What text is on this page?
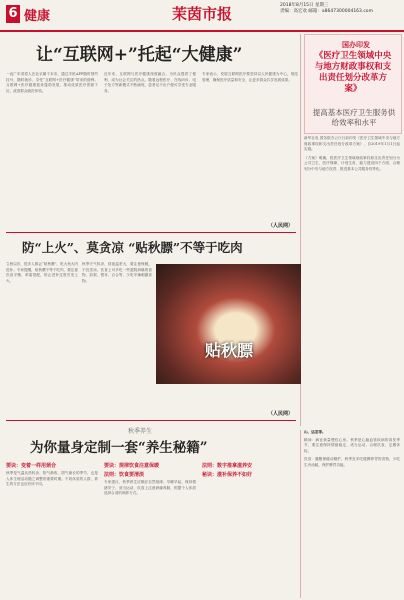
6 健康	茉茵市报	2018年8月15日 星期三
责编：高宏欢 邮箱：a8647300004163.com
让“互联网+”托起“大健康”

一直广东省将人在北京属于本市，通过手机APP随时预约挂号，随时就诊，享受“互联网+医疗健康”带来的便利。互联网+医疗健康迎来蓬勃发展，推动优质医疗资源下沉，改善群众就医体验。

近年来，互联网与医疗健康深度融合，为民众提供了便利，成为社会关注的热点。随着远程医疗、在线问诊、电子处方等新模式不断涌现，患者足不出户便可享受专业服务。

专家表示，发展互联网医疗要坚持以人民健康为中心，规范管理，确保医疗质量和安全，让更多群众共享发展成果。

（人民网）
国办印发
《医疗卫生领域中央与地方财政事权和支出责任划分改革方案》
提高基本医疗卫生服务供给效率和水平

新华社电 国务院办公厅日前印发《医疗卫生领域中央与地方财政事权和支出责任划分改革方案》，自2019年1月1日起实施。

《方案》明确，将医疗卫生领域财政事权和支出责任划分为公共卫生、医疗保障、计划生育、能力建设四个方面，合理划分中央与地方权责，推进基本公共服务均等化。

防“上火”、莫贪凉 “贴秋膘”不等于吃肉

立秋以后，很多人都会“贴秋膘”，吃大鱼大肉进补。专家提醒，贴秋膘不等于吃肉，要注意饮食平衡，荤素搭配，防止进补过度引发上火。

秋季天气转凉，昼夜温差大，要注意保暖，不宜贪凉。饮食上可多吃一些滋阴润燥的食物，如梨、银耳、百合等，少吃辛辣刺激食物。

贴秋膘
（人民网）
秋季养生
为你量身定制一套“养生秘籍”
要诀：变着一样用颈合

秋季是气温从热转凉、阳气渐收、阴气渐长的季节，也是人体生理活动随之调整的重要时期。不同体质的人群，养生的方法也应有所不同。

要诀：规律饮食注意保暖
法则：饮食要清淡

专家建议，秋季养生应顺应自然规律，早睡早起，保持情绪安宁，适当运动，饮食上注意润燥养肺，根据个人体质选择合适的调养方式。

法则：数字推拿滋养安
秘诀：滋补保养不如好

山、运差等。

精神：病宜黄量慢性心房。秋季是心脑血管疾病的高发季节，要注意保持情绪稳定，适当运动，合理饮食，定期体检。

饮食：腰腹保健动精护，秋季宜多吃健脾养胃的食物，少吃生冷油腻，保护脾胃功能。
